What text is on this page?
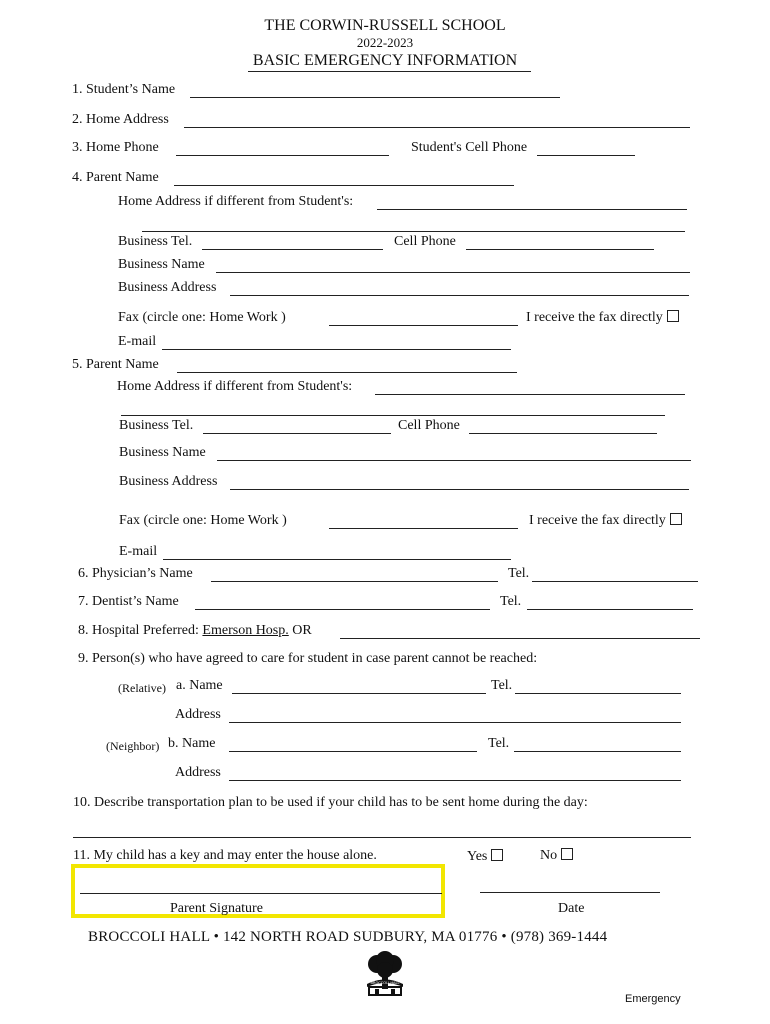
THE CORWIN-RUSSELL SCHOOL
2022-2023
BASIC EMERGENCY INFORMATION
1. Student’s Name
2. Home Address
3. Home Phone	Student's Cell Phone
4. Parent Name
Home Address if different from Student's:
Business Tel.	Cell Phone
Business Name
Business Address
Fax (circle one: Home Work )	I receive the fax directly
E-mail
5. Parent Name
Home Address if different from Student's:
Business Tel.	Cell Phone
Business Name
Business Address
Fax (circle one: Home Work )	I receive the fax directly
E-mail
6. Physician’s Name	Tel.
7. Dentist’s Name	Tel.
8. Hospital Preferred: Emerson Hosp. OR
9. Person(s) who have agreed to care for student in case parent cannot be reached:
(Relative) a. Name	Tel.
Address
(Neighbor) b. Name	Tel.
Address
10. Describe transportation plan to be used if your child has to be sent home during the day:
11. My child has a key and may enter the house alone.	Yes	No
Parent Signature	Date
BROCCOLI HALL • 142 NORTH ROAD SUDBURY, MA 01776 • (978) 369-1444
BROCCOLI HALL
Emergency
